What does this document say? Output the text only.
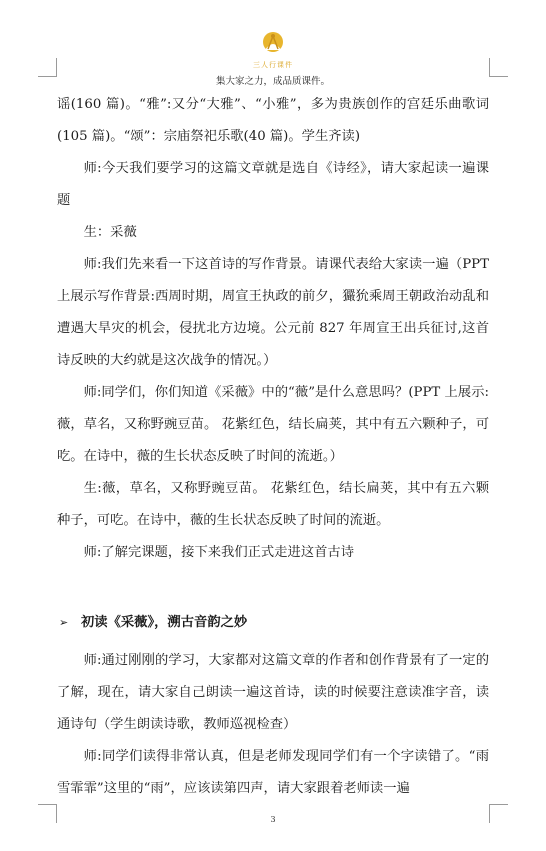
三人行课件
集大家之力，成品质课件。

谣(160 篇)。“雅”:又分“大雅”、“小雅”，多为贵族创作的宫廷乐曲歌词(105 篇)。“颂”：宗庙祭祀乐歌(40 篇)。学生齐读)

师:今天我们要学习的这篇文章就是选自《诗经》，请大家起读一遍课题

生：采薇

师:我们先来看一下这首诗的写作背景。请课代表给大家读一遍（PPT 上展示写作背景:西周时期，周宣王执政的前夕，玁狁乘周王朝政治动乱和遭遇大旱灾的机会，侵扰北方边境。公元前 827 年周宣王出兵征讨,这首诗反映的大约就是这次战争的情况。）

师:同学们，你们知道《采薇》中的“薇”是什么意思吗？(PPT 上展示:薇，草名，又称野豌豆苗。 花紫红色，结长扁荚，其中有五六颗种子，可吃。在诗中，薇的生长状态反映了时间的流逝。）

生:薇，草名，又称野豌豆苗。 花紫红色，结长扁荚，其中有五六颗种子，可吃。在诗中，薇的生长状态反映了时间的流逝。

师:了解完课题，接下来我们正式走进这首古诗

➢ 初读《采薇》，溯古音韵之妙

师:通过刚刚的学习，大家都对这篇文章的作者和创作背景有了一定的了解，现在，请大家自己朗读一遍这首诗，读的时候要注意读准字音，读通诗句（学生朗读诗歌，教师巡视检查）

师:同学们读得非常认真，但是老师发现同学们有一个字读错了。“雨雪霏霏”这里的“雨”，应该读第四声，请大家跟着老师读一遍

3
